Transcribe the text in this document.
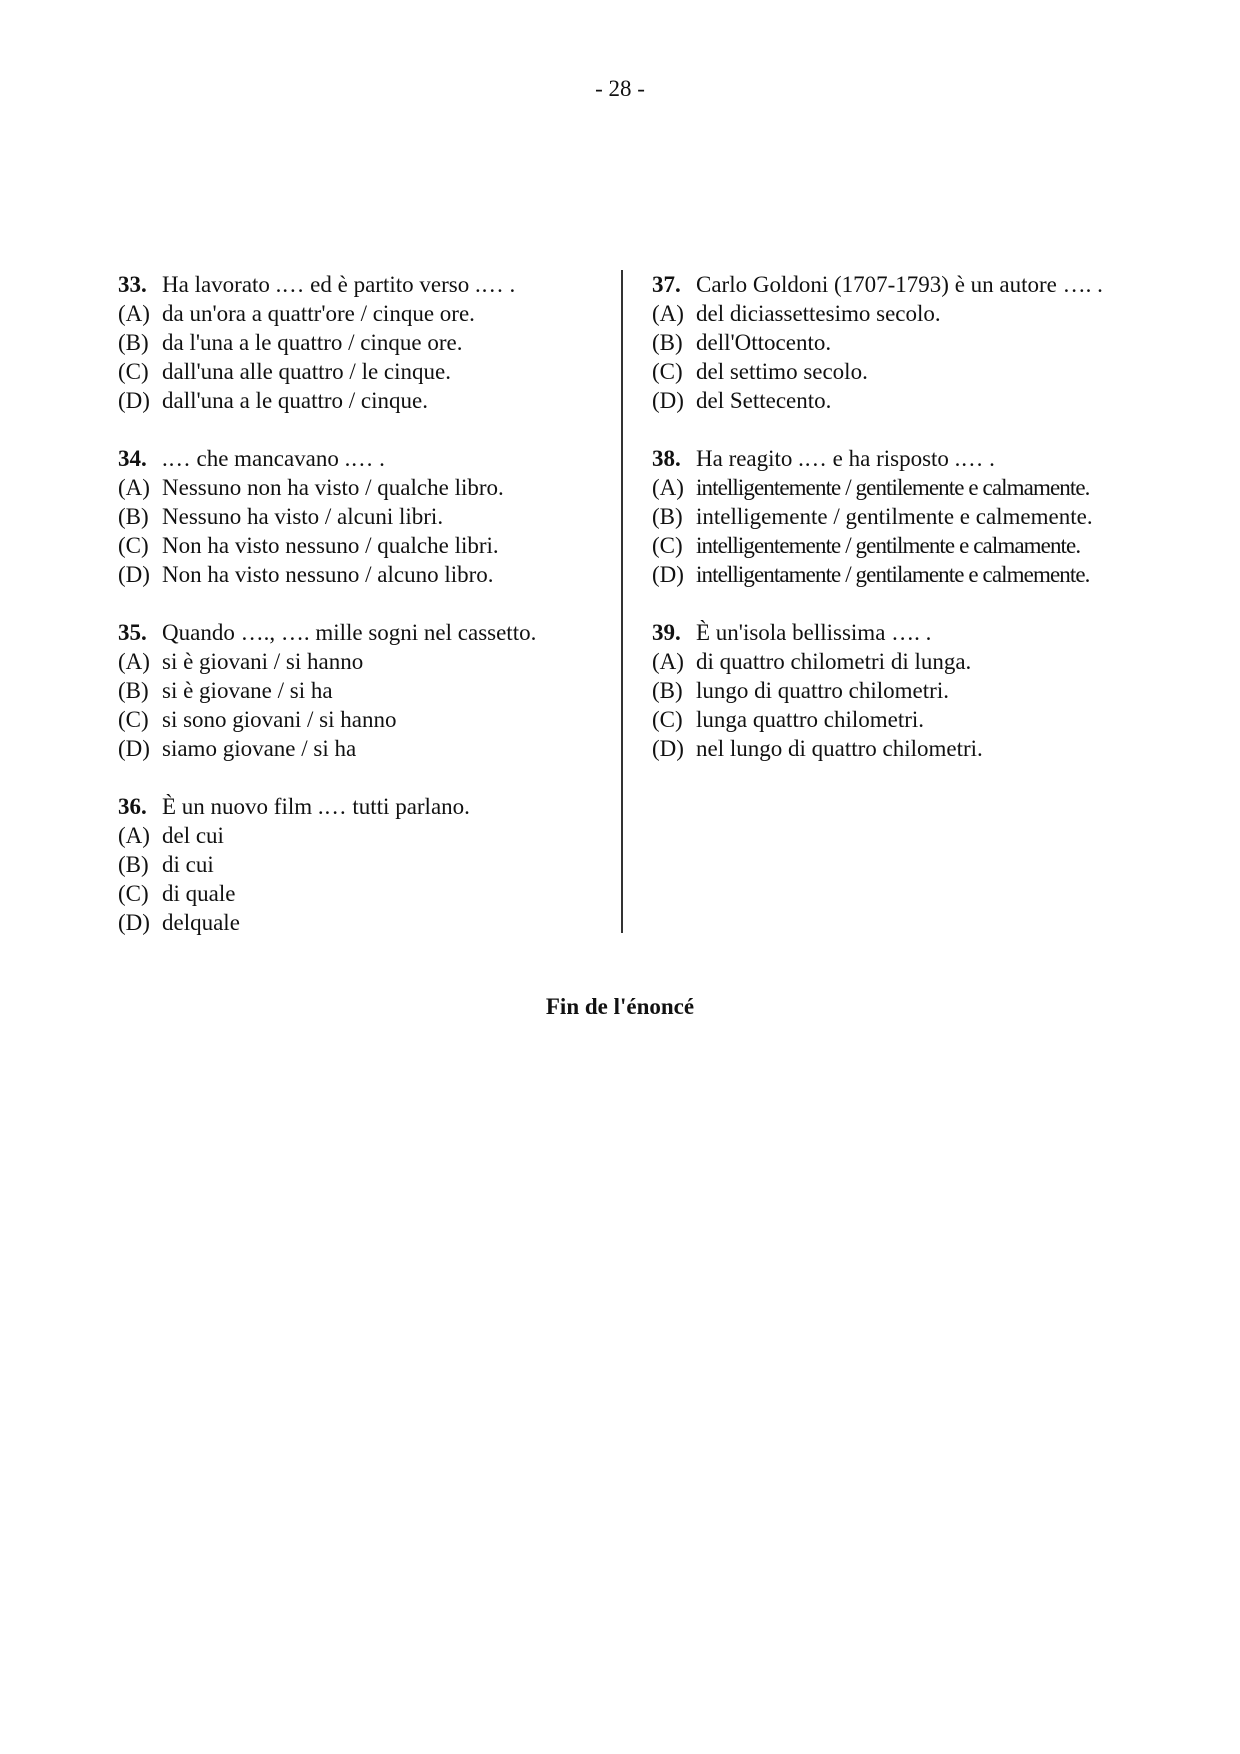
- 28 -
33. Ha lavorato .… ed è partito verso .… .
(A) da un'ora a quattr'ore / cinque ore.
(B) da l'una a le quattro / cinque ore.
(C) dall'una alle quattro / le cinque.
(D) dall'una a le quattro / cinque.
34. .… che mancavano .… .
(A) Nessuno non ha visto / qualche libro.
(B) Nessuno ha visto / alcuni libri.
(C) Non ha visto nessuno / qualche libri.
(D) Non ha visto nessuno / alcuno libro.
35. Quando …., …. mille sogni nel cassetto.
(A) si è giovani / si hanno
(B) si è giovane / si ha
(C) si sono giovani / si hanno
(D) siamo giovane / si ha
36. È un nuovo film .… tutti parlano.
(A) del cui
(B) di cui
(C) di quale
(D) delquale
37. Carlo Goldoni (1707-1793) è un autore …. .
(A) del diciassettesimo secolo.
(B) dell'Ottocento.
(C) del settimo secolo.
(D) del Settecento.
38. Ha reagito .… e ha risposto .… .
(A) intelligentemente / gentilemente e calmamente.
(B) intelligemente / gentilmente e calmemente.
(C) intelligentemente / gentilmente e calmamente.
(D) intelligentamente / gentilamente e calmemente.
39. È un'isola bellissima …. .
(A) di quattro chilometri di lunga.
(B) lungo di quattro chilometri.
(C) lunga quattro chilometri.
(D) nel lungo di quattro chilometri.
Fin de l'énoncé
